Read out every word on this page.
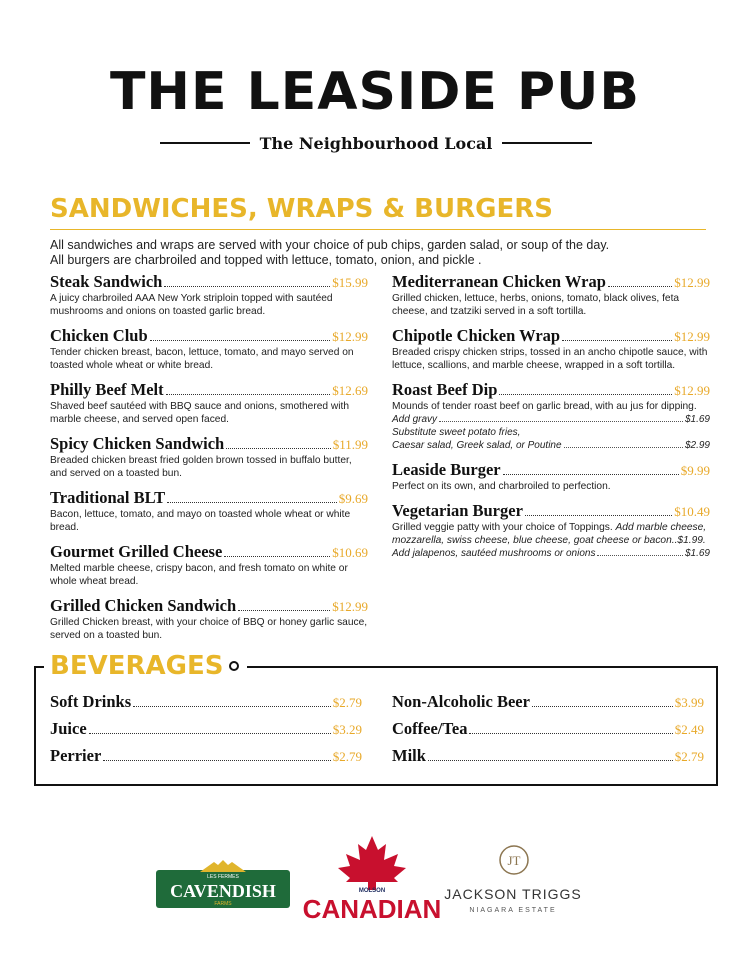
THE LEASIDE PUB
The Neighbourhood Local
SANDWICHES, WRAPS & BURGERS
All sandwiches and wraps are served with your choice of pub chips, garden salad, or soup of the day.
All burgers are charbroiled and topped with lettuce, tomato, onion, and pickle .
Steak Sandwich	$15.99
A juicy charbroiled AAA New York striploin topped with sautéed mushrooms and onions on toasted garlic bread.
Chicken Club	$12.99
Tender chicken breast, bacon, lettuce, tomato, and mayo served on toasted whole wheat or white bread.
Philly Beef Melt	$12.69
Shaved beef sautéed with BBQ sauce and onions, smothered with marble cheese, and served open faced.
Spicy Chicken Sandwich	$11.99
Breaded chicken breast fried golden brown tossed in buffalo butter, and served on a toasted bun.
Traditional BLT	$9.69
Bacon, lettuce, tomato, and mayo on toasted whole wheat or white bread.
Gourmet Grilled Cheese	$10.69
Melted marble cheese, crispy bacon, and fresh tomato on white or whole wheat bread.
Grilled Chicken Sandwich	$12.99
Grilled Chicken breast, with your choice of BBQ or honey garlic sauce, served on a toasted bun.
Mediterranean Chicken Wrap	$12.99
Grilled chicken, lettuce, herbs, onions, tomato, black olives, feta cheese, and tzatziki served in a soft tortilla.
Chipotle Chicken Wrap	$12.99
Breaded crispy chicken strips, tossed in an ancho chipotle sauce, with lettuce, scallions, and marble cheese, wrapped in a soft tortilla.
Roast Beef Dip	$12.99
Mounds of tender roast beef on garlic bread, with au jus for dipping.
Add gravy	$1.69
Substitute sweet potato fries,
Caesar salad, Greek salad, or Poutine	$2.99
Leaside Burger	$9.99
Perfect on its own, and charbroiled to perfection.
Vegetarian Burger	$10.49
Grilled veggie patty with your choice of Toppings. Add marble cheese, mozzarella, swiss cheese, blue cheese, goat cheese or bacon..$1.99.
Add jalapenos, sautéed mushrooms or onions	$1.69
BEVERAGES
Soft Drinks	$2.79
Juice	$3.29
Perrier	$2.79
Non-Alcoholic Beer	$3.99
Coffee/Tea	$2.49
Milk	$2.79
LES FERMES
CAVENDISH
FARMS
MOLSON
CANADIAN
JT
JACKSON TRIGGS
NIAGARA ESTATE
